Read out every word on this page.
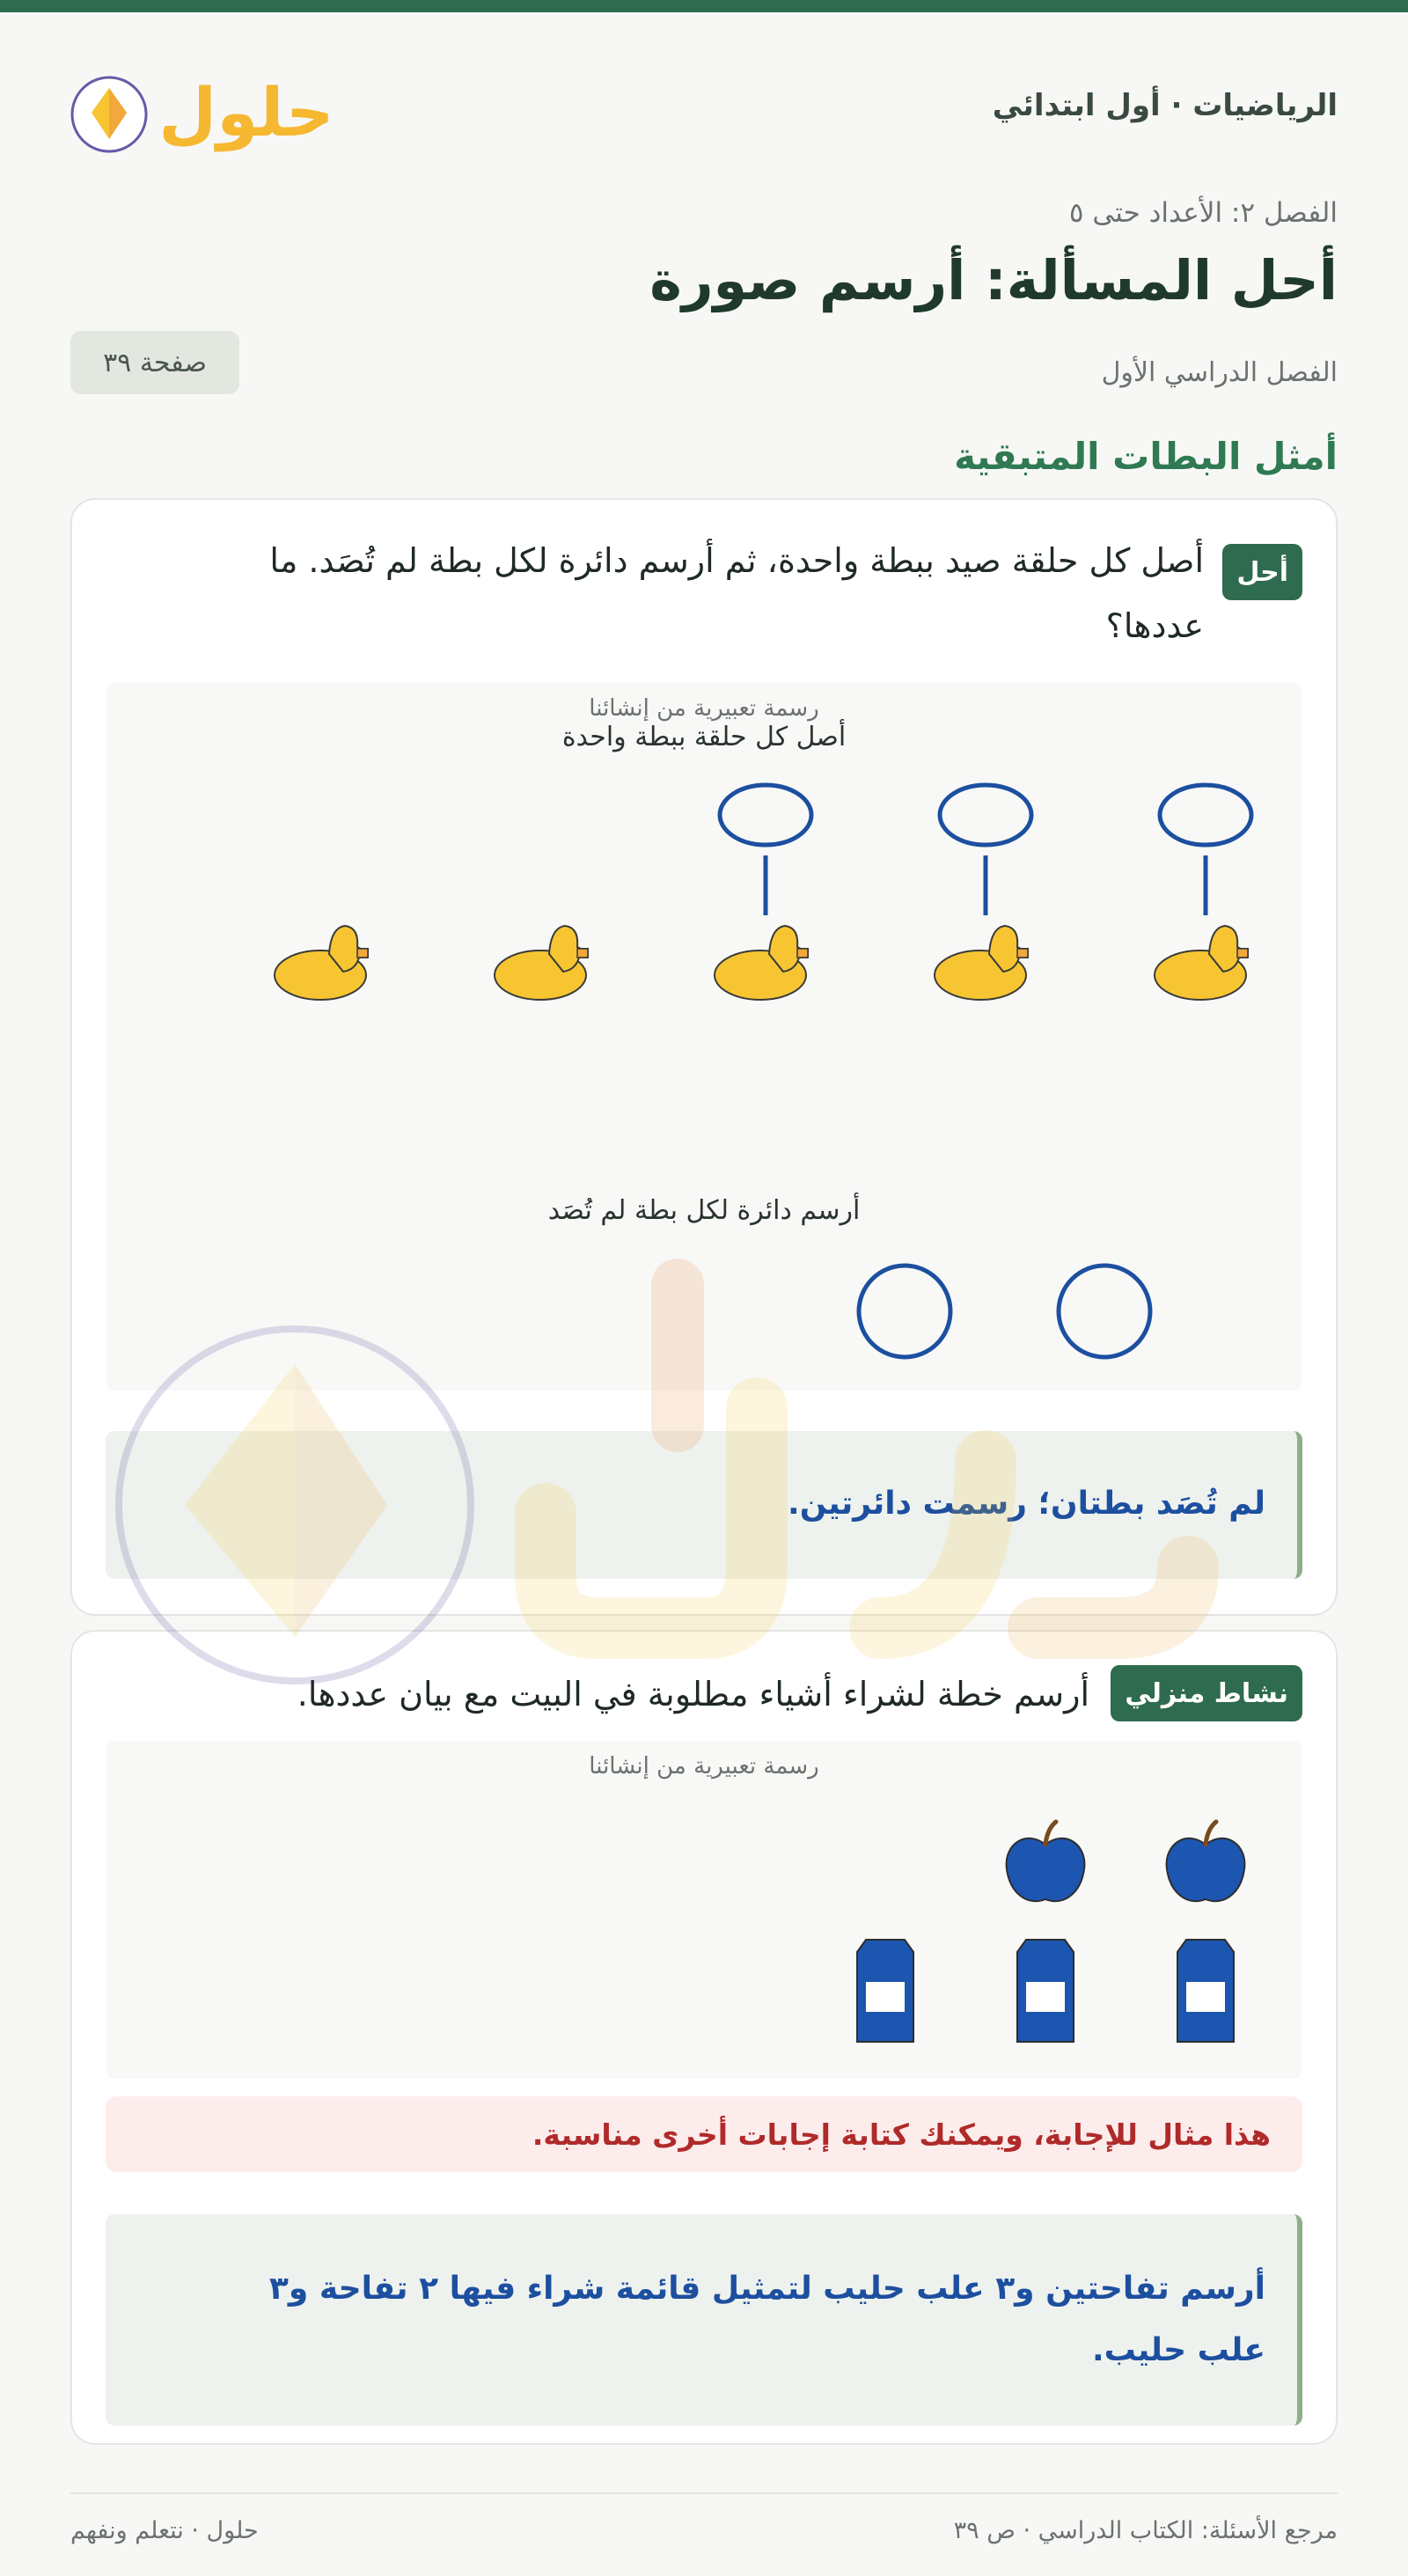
الرياضيات · أول ابتدائي
حلول
الفصل ٢: الأعداد حتى ٥
أحل المسألة: أرسم صورة
الفصل الدراسي الأول
صفحة ٣٩
أمثل البطات المتبقية
أحل
أصل كل حلقة صيد ببطة واحدة، ثم أرسم دائرة لكل بطة لم تُصَد. ما عددها؟
رسمة تعبيرية من إنشائنا
أصل كل حلقة ببطة واحدة
أرسم دائرة لكل بطة لم تُصَد
لم تُصَد بطتان؛ رسمت دائرتين.
نشاط منزلي
أرسم خطة لشراء أشياء مطلوبة في البيت مع بيان عددها.
رسمة تعبيرية من إنشائنا
هذا مثال للإجابة، ويمكنك كتابة إجابات أخرى مناسبة.
أرسم تفاحتين و٣ علب حليب لتمثيل قائمة شراء فيها ٢ تفاحة و٣ علب حليب.
مرجع الأسئلة: الكتاب الدراسي · ص ٣٩
حلول · نتعلم ونفهم
